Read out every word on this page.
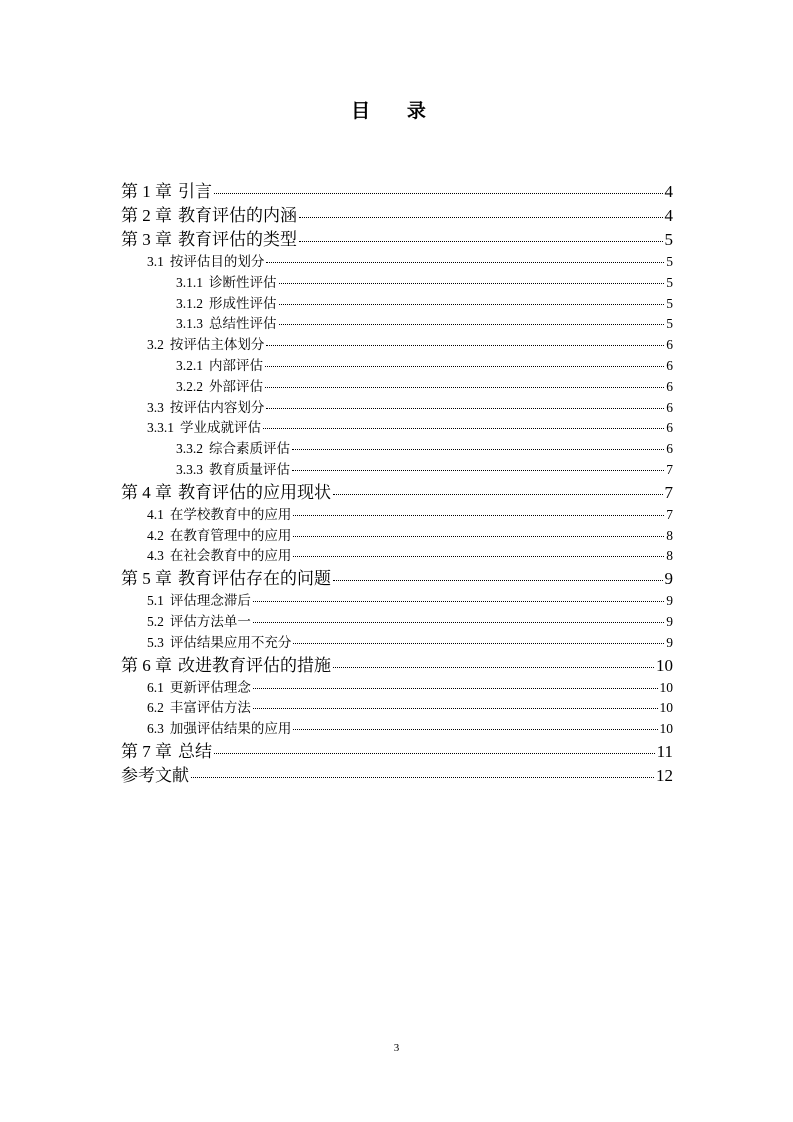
目 录
第 1 章 引言	4
第 2 章 教育评估的内涵	4
第 3 章 教育评估的类型	5
3.1 按评估目的划分	5
3.1.1 诊断性评估	5
3.1.2 形成性评估	5
3.1.3 总结性评估	5
3.2 按评估主体划分	6
3.2.1 内部评估	6
3.2.2 外部评估	6
3.3 按评估内容划分	6
3.3.1 学业成就评估	6
3.3.2 综合素质评估	6
3.3.3 教育质量评估	7
第 4 章 教育评估的应用现状	7
4.1 在学校教育中的应用	7
4.2 在教育管理中的应用	8
4.3 在社会教育中的应用	8
第 5 章 教育评估存在的问题	9
5.1 评估理念滞后	9
5.2 评估方法单一	9
5.3 评估结果应用不充分	9
第 6 章 改进教育评估的措施	10
6.1 更新评估理念	10
6.2 丰富评估方法	10
6.3 加强评估结果的应用	10
第 7 章 总结	11
参考文献	12
3
